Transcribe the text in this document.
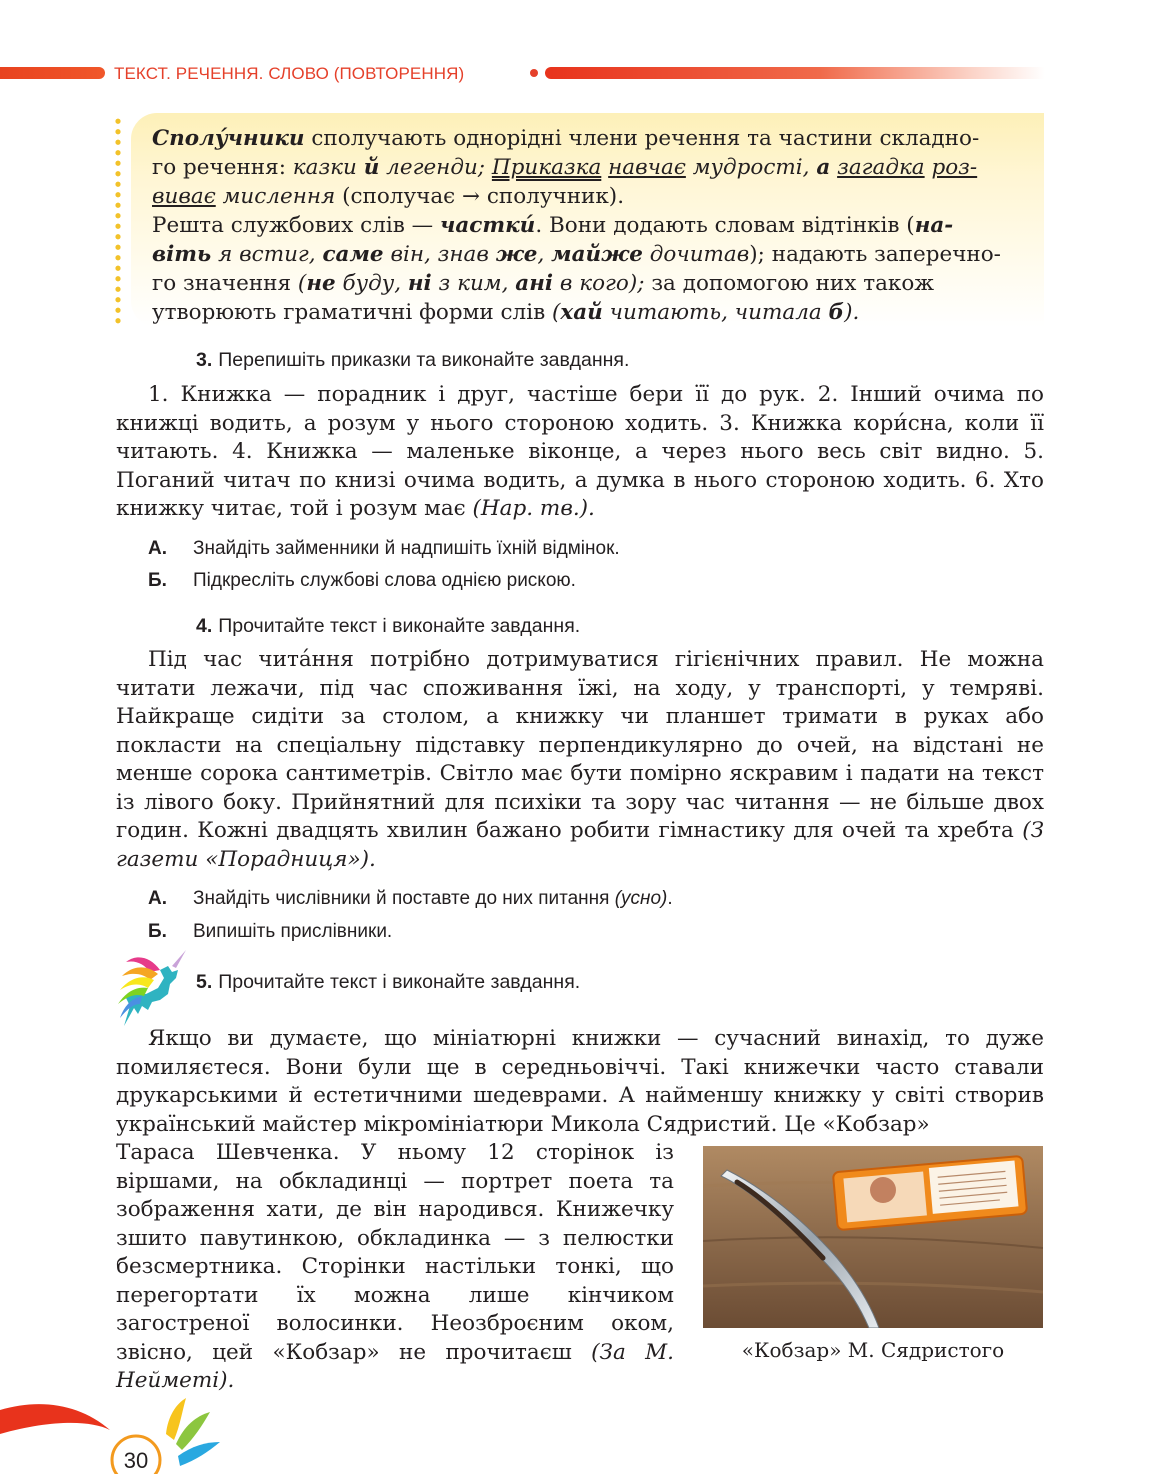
ТЕКСТ. РЕЧЕННЯ. СЛОВО (ПОВТОРЕННЯ)
Сполу́чники сполучають однорідні члени речення та частини складно-
го речення: казки й легенди; Приказка навчає мудрості, а загадка роз-
виває мислення (сполучає → сполучник).
Решта службових слів — частки́. Вони додають словам відтінків (на-
віть я встиг, саме він, знав же, майже дочитав); надають заперечно-
го значення (не буду, ні з ким, ані в кого); за допомогою них також
утворюють граматичні форми слів (хай читають, читала б).
3. Перепишіть приказки та виконайте завдання.
1. Книжка — порадник і друг, частіше бери її до рук. 2. Інший очима по книжці водить, а розум у нього стороною ходить. 3. Книжка кори́сна, коли її читають. 4. Книжка — маленьке віконце, а через нього весь світ видно. 5. Поганий читач по книзі очима водить, а думка в нього стороною ходить. 6. Хто книжку читає, той і розум має (Нар. тв.).
А. Знайдіть займенники й надпишіть їхній відмінок.
Б. Підкресліть службові слова однією рискою.
4. Прочитайте текст і виконайте завдання.
Під час чита́ння потрібно дотримуватися гігієнічних правил. Не можна читати лежачи, під час споживання їжі, на ходу, у транспорті, у темряві. Найкраще сидіти за столом, а книжку чи планшет тримати в руках або покласти на спеціальну підставку перпендикулярно до очей, на відстані не менше сорока сантиметрів. Світло має бути помірно яскравим і падати на текст із лівого боку. Прийнятний для психіки та зору час читання — не більше двох годин. Кожні двадцять хвилин бажано робити гімнастику для очей та хребта (З газети «Порадниця»).
А. Знайдіть числівники й поставте до них питання (усно).
Б. Випишіть прислівники.
5. Прочитайте текст і виконайте завдання.
Якщо ви думаєте, що мініатюрні книжки — сучасний винахід, то дуже помиляєтеся. Вони були ще в середньовіччі. Такі книжечки часто ставали друкарськими й естетичними шедеврами. А найменшу книжку у світі створив український майстер мікромініатюри Микола Сядристий. Це «Кобзар»
Тараса Шевченка. У ньому 12 сторінок із віршами, на обкладинці — портрет поета та зображення хати, де він народився. Книжечку зшито павутинкою, обкладинка — з пелюстки безсмертника. Сторінки настільки тонкі, що перегортати їх можна лише кінчиком загостреної волосинки. Неозброєним оком, звісно, цей «Кобзар» не прочитаєш (За М. Нейметі).
«Кобзар» М. Сядристого
30
